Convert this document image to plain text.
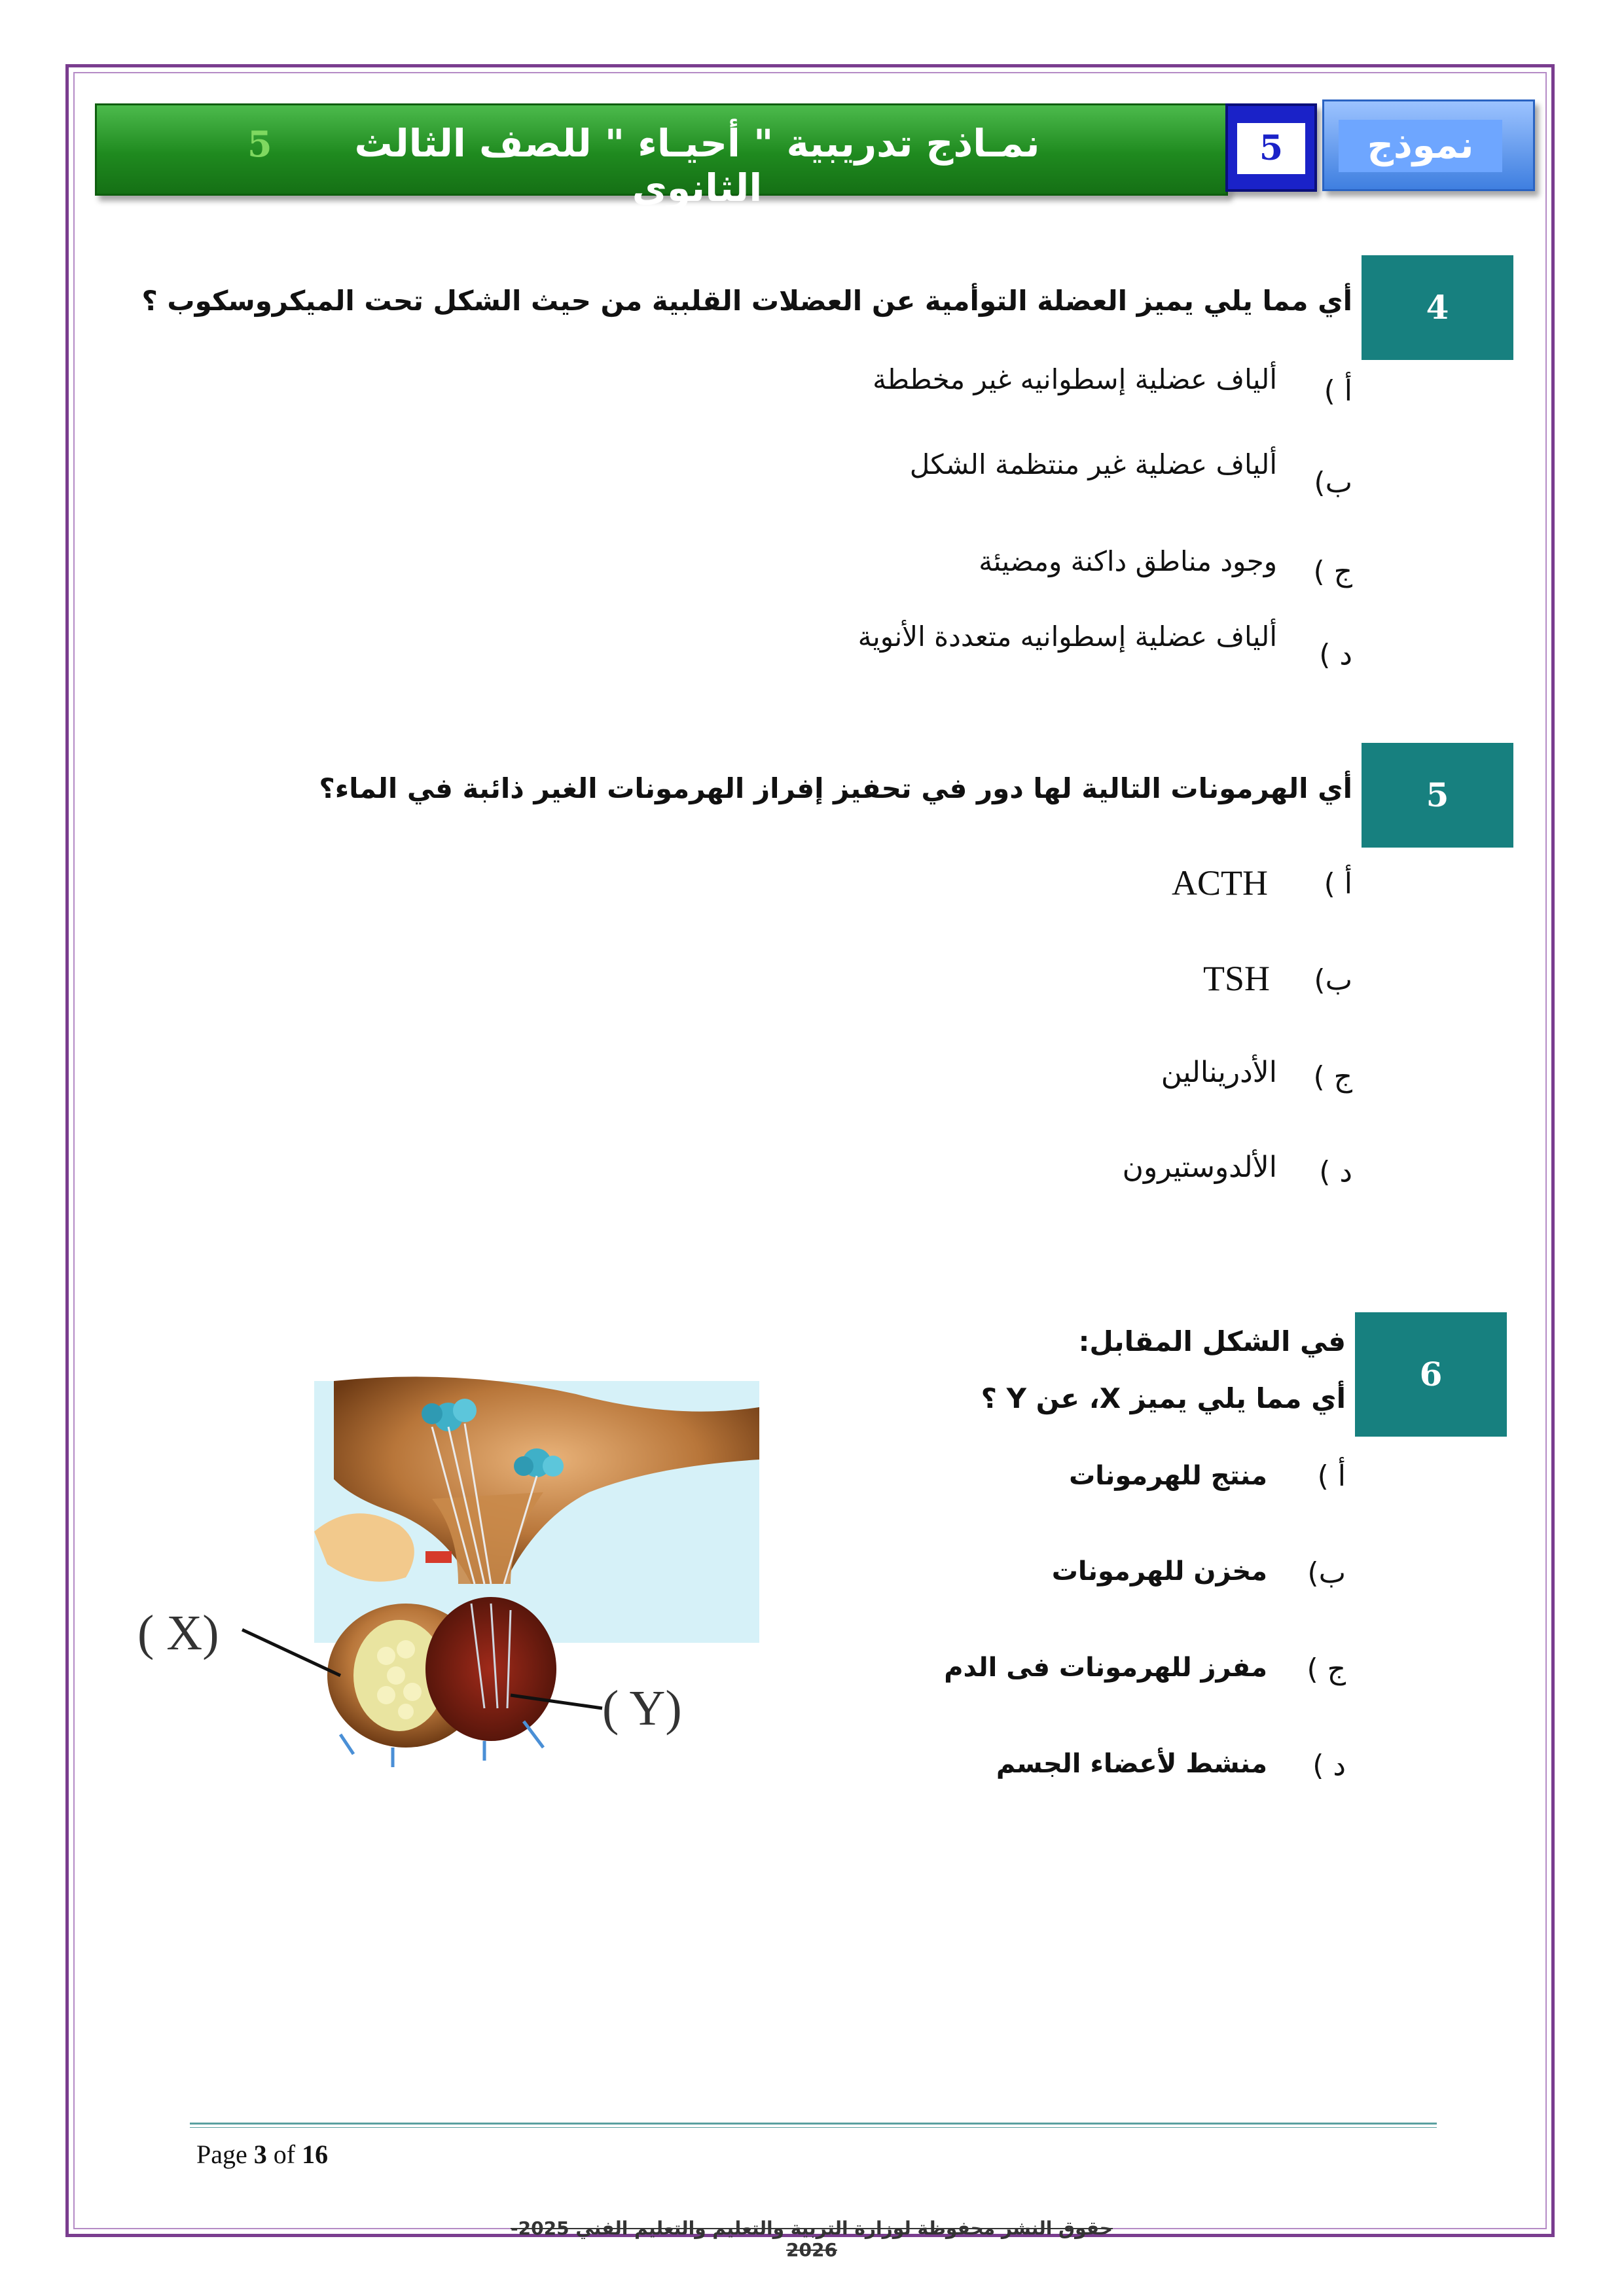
5	نمـاذج تدريبية " أحيـاء " للصف الثالث الثانوي
5	نموذج
4
أي مما يلي يميز العضلة التوأمية عن العضلات القلبية من حيث الشكل تحت الميكروسكوب ؟
أ )
ألياف عضلية إسطوانيه غير مخططة
ب)
ألياف عضلية غير منتظمة الشكل
ج )
وجود مناطق داكنة ومضيئة
د )
ألياف عضلية إسطوانيه متعددة الأنوية
5
أي الهرمونات التالية لها دور في تحفيز إفراز الهرمونات الغير ذائبة في الماء؟
أ )
ACTH
ب)
TSH
ج )
الأدرينالين
د )
الألدوستيرون
6
في الشكل المقابل:
أي مما يلي يميز X، عن Y ؟
أ )
منتج للهرمونات
ب)
مخزن للهرمونات
ج )
مفرز للهرمونات فى الدم
د )
منشط لأعضاء الجسم
( X)
( Y)
Page 3 of 16
حقوق النشر محفوظة لوزارة التربية والتعليم والتعليم الفني 2025-2026
